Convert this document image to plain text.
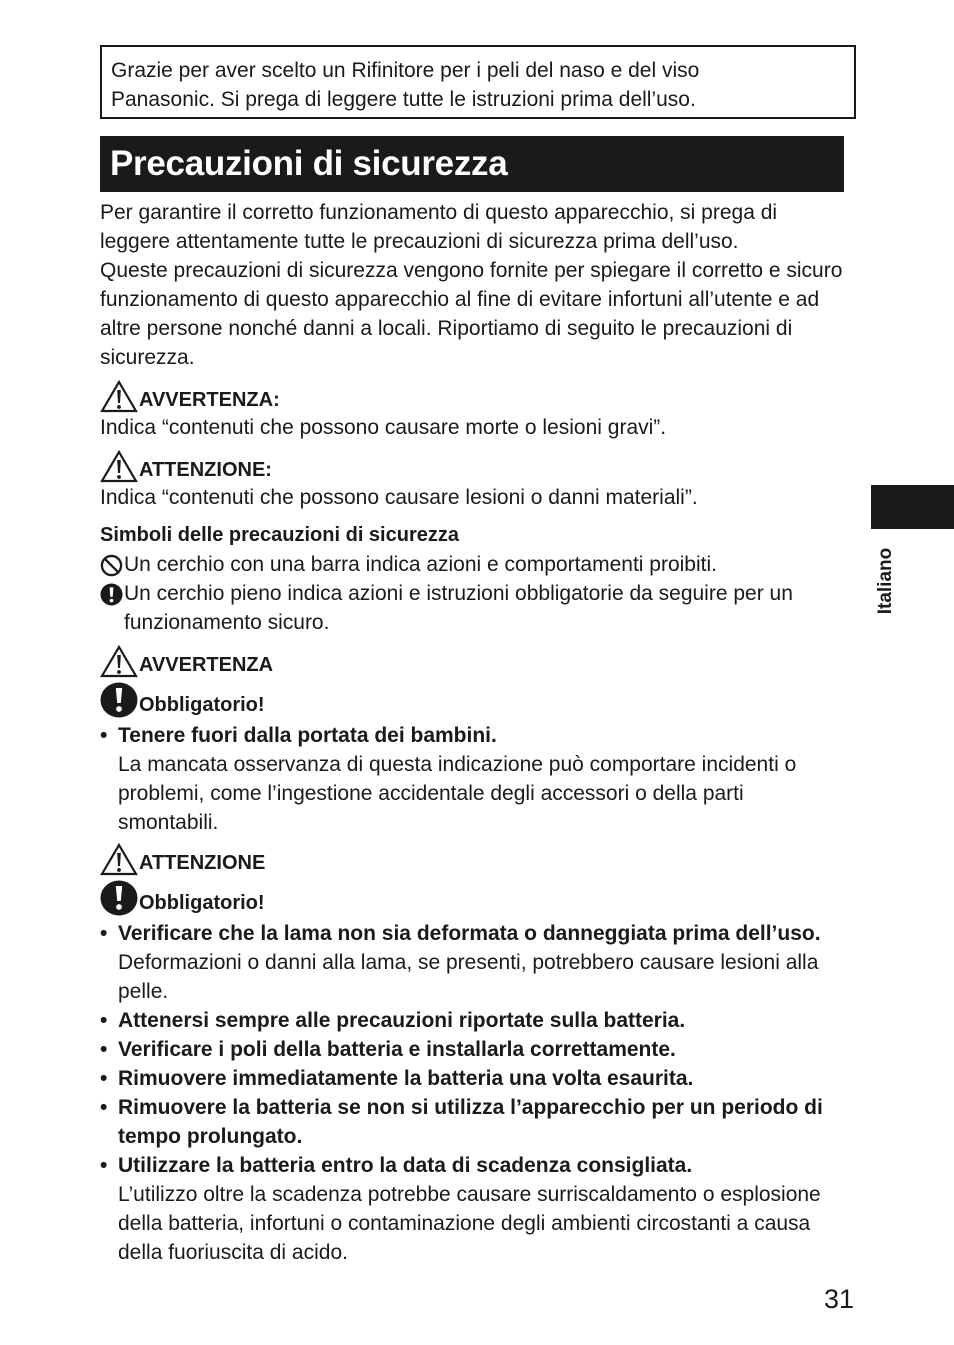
Grazie per aver scelto un Rifinitore per i peli del naso e del viso

Panasonic. Si prega di leggere tutte le istruzioni prima dell’uso.

Precauzioni di sicurezza

Per garantire il corretto funzionamento di questo apparecchio, si prega di leggere attentamente tutte le precauzioni di sicurezza prima dell’uso.

Queste precauzioni di sicurezza vengono fornite per spiegare il corretto e sicuro funzionamento di questo apparecchio al fine di evitare infortuni all’utente e ad altre persone nonché danni a locali. Riportiamo di seguito le precauzioni di sicurezza.

AVVERTENZA:

Indica “contenuti che possono causare morte o lesioni gravi”.

ATTENZIONE:

Indica “contenuti che possono causare lesioni o danni materiali”.

Simboli delle precauzioni di sicurezza

Un cerchio con una barra indica azioni e comportamenti proibiti.
Un cerchio pieno indica azioni e istruzioni obbligatorie da seguire per un funzionamento sicuro.
AVVERTENZA
Obbligatorio!
• Tenere fuori dalla portata dei bambini.
La mancata osservanza di questa indicazione può comportare incidenti o problemi, come l’ingestione accidentale degli accessori o della parti smontabili.
ATTENZIONE
Obbligatorio!
• Verificare che la lama non sia deformata o danneggiata prima dell’uso.
Deformazioni o danni alla lama, se presenti, potrebbero causare lesioni alla pelle.
• Attenersi sempre alle precauzioni riportate sulla batteria.
• Verificare i poli della batteria e installarla correttamente.
• Rimuovere immediatamente la batteria una volta esaurita.
• Rimuovere la batteria se non si utilizza l’apparecchio per un periodo di tempo prolungato.
• Utilizzare la batteria entro la data di scadenza consigliata.
L’utilizzo oltre la scadenza potrebbe causare surriscaldamento o esplosione della batteria, infortuni o contaminazione degli ambienti circostanti a causa della fuoriuscita di acido.
Italiano
31
